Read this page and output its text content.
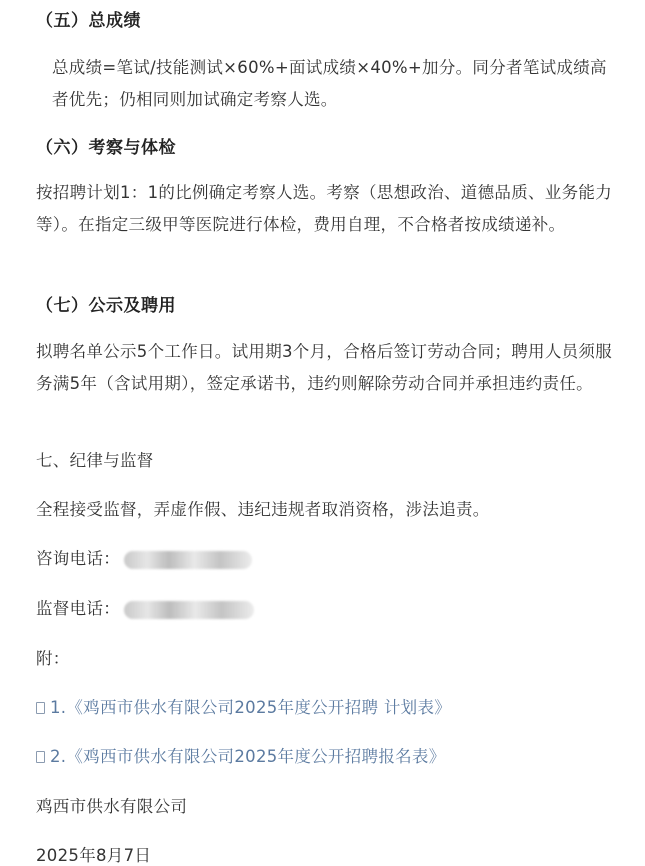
（五）总成绩
总成绩=笔试/技能测试×60%+面试成绩×40%+加分。同分者笔试成绩高者优先；仍相同则加试确定考察人选。
（六）考察与体检
按招聘计划1：1的比例确定考察人选。考察（思想政治、道德品质、业务能力等）。在指定三级甲等医院进行体检，费用自理，不合格者按成绩递补。
（七）公示及聘用
拟聘名单公示5个工作日。试用期3个月，合格后签订劳动合同；聘用人员须服务满5年（含试用期），签定承诺书，违约则解除劳动合同并承担违约责任。
七、纪律与监督
全程接受监督，弄虚作假、违纪违规者取消资格，涉法追责。
咨询电话：
监督电话：
附：
1.《鸡西市供水有限公司2025年度公开招聘 计划表》
2.《鸡西市供水有限公司2025年度公开招聘报名表》
鸡西市供水有限公司
2025年8月7日
